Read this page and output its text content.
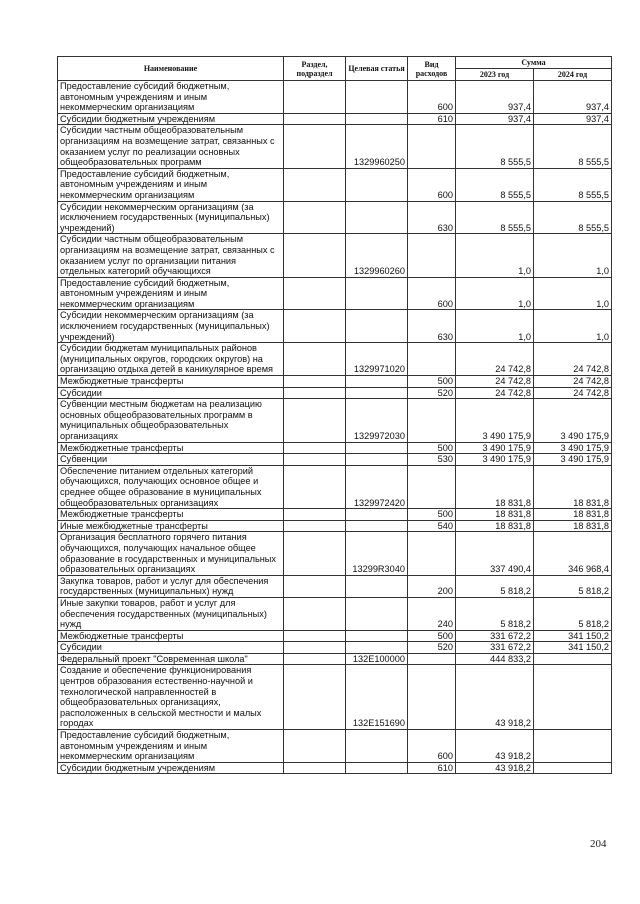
Наименование	Раздел, подраздел	Целевая статья	Вид расходов	Сумма	
				2023 год	2024 год
Предоставление субсидий бюджетным, автономным учреждениям и иным некоммерческим организациям			600	937,4	937,4
Субсидии бюджетным учреждениям			610	937,4	937,4
Субсидии частным общеобразовательным организациям на возмещение затрат, связанных с оказанием услуг по реализации основных общеобразовательных программ		1329960250		8 555,5	8 555,5
Предоставление субсидий бюджетным, автономным учреждениям и иным некоммерческим организациям			600	8 555,5	8 555,5
Субсидии некоммерческим организациям (за исключением государственных (муниципальных) учреждений)			630	8 555,5	8 555,5
Субсидии частным общеобразовательным организациям на возмещение затрат, связанных с оказанием услуг по организации питания отдельных категорий обучающихся		1329960260		1,0	1,0
Предоставление субсидий бюджетным, автономным учреждениям и иным некоммерческим организациям			600	1,0	1,0
Субсидии некоммерческим организациям (за исключением государственных (муниципальных) учреждений)			630	1,0	1,0
Субсидии бюджетам муниципальных районов (муниципальных округов, городских округов) на организацию отдыха детей в каникулярное время		1329971020		24 742,8	24 742,8
Межбюджетные трансферты			500	24 742,8	24 742,8
Субсидии			520	24 742,8	24 742,8
Субвенции местным бюджетам на реализацию основных общеобразовательных программ в муниципальных общеобразовательных организациях		1329972030		3 490 175,9	3 490 175,9
Межбюджетные трансферты			500	3 490 175,9	3 490 175,9
Субвенции			530	3 490 175,9	3 490 175,9
Обеспечение питанием отдельных категорий обучающихся, получающих основное общее и среднее общее образование в муниципальных общеобразовательных организациях		1329972420		18 831,8	18 831,8
Межбюджетные трансферты			500	18 831,8	18 831,8
Иные межбюджетные трансферты			540	18 831,8	18 831,8
Организация бесплатного горячего питания обучающихся, получающих начальное общее образование в государственных и муниципальных образовательных организациях		13299R3040		337 490,4	346 968,4
Закупка товаров, работ и услуг для обеспечения государственных (муниципальных) нужд			200	5 818,2	5 818,2
Иные закупки товаров, работ и услуг для обеспечения государственных (муниципальных) нужд			240	5 818,2	5 818,2
Межбюджетные трансферты			500	331 672,2	341 150,2
Субсидии			520	331 672,2	341 150,2
Федеральный проект "Современная школа"		132E100000		444 833,2	
Создание и обеспечение функционирования центров образования естественно-научной и технологической направленностей в общеобразовательных организациях, расположенных в сельской местности и малых городах		132E151690		43 918,2	
Предоставление субсидий бюджетным, автономным учреждениям и иным некоммерческим организациям			600	43 918,2	
Субсидии бюджетным учреждениям			610	43 918,2	
204
